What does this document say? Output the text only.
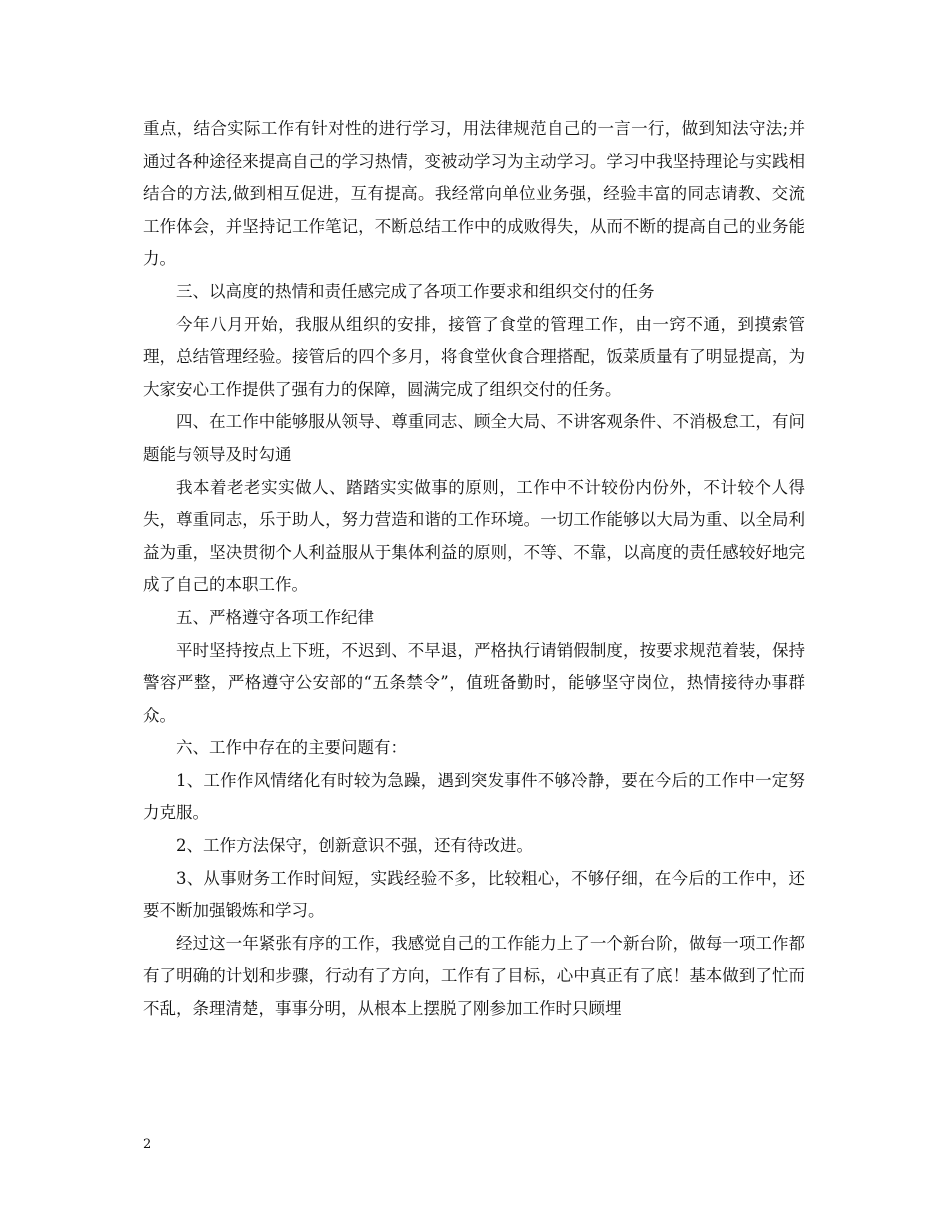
重点，结合实际工作有针对性的进行学习，用法律规范自己的一言一行，做到知法守法;并通过各种途径来提高自己的学习热情，变被动学习为主动学习。学习中我坚持理论与实践相结合的方法,做到相互促进，互有提高。我经常向单位业务强，经验丰富的同志请教、交流工作体会，并坚持记工作笔记，不断总结工作中的成败得失，从而不断的提高自己的业务能力。

三、以高度的热情和责任感完成了各项工作要求和组织交付的任务

今年八月开始，我服从组织的安排，接管了食堂的管理工作，由一窍不通，到摸索管理，总结管理经验。接管后的四个多月，将食堂伙食合理搭配，饭菜质量有了明显提高，为大家安心工作提供了强有力的保障，圆满完成了组织交付的任务。

四、在工作中能够服从领导、尊重同志、顾全大局、不讲客观条件、不消极怠工，有问题能与领导及时勾通

我本着老老实实做人、踏踏实实做事的原则，工作中不计较份内份外，不计较个人得失，尊重同志，乐于助人，努力营造和谐的工作环境。一切工作能够以大局为重、以全局利益为重，坚决贯彻个人利益服从于集体利益的原则，不等、不靠，以高度的责任感较好地完成了自己的本职工作。

五、严格遵守各项工作纪律

平时坚持按点上下班，不迟到、不早退，严格执行请销假制度，按要求规范着装，保持警容严整，严格遵守公安部的“五条禁令”，值班备勤时，能够坚守岗位，热情接待办事群众。

六、工作中存在的主要问题有：

1、工作作风情绪化有时较为急躁，遇到突发事件不够冷静，要在今后的工作中一定努力克服。

2、工作方法保守，创新意识不强，还有待改进。

3、从事财务工作时间短，实践经验不多，比较粗心，不够仔细，在今后的工作中，还要不断加强锻炼和学习。

经过这一年紧张有序的工作，我感觉自己的工作能力上了一个新台阶，做每一项工作都有了明确的计划和步骤，行动有了方向，工作有了目标，心中真正有了底！基本做到了忙而不乱，条理清楚，事事分明，从根本上摆脱了刚参加工作时只顾埋

2
